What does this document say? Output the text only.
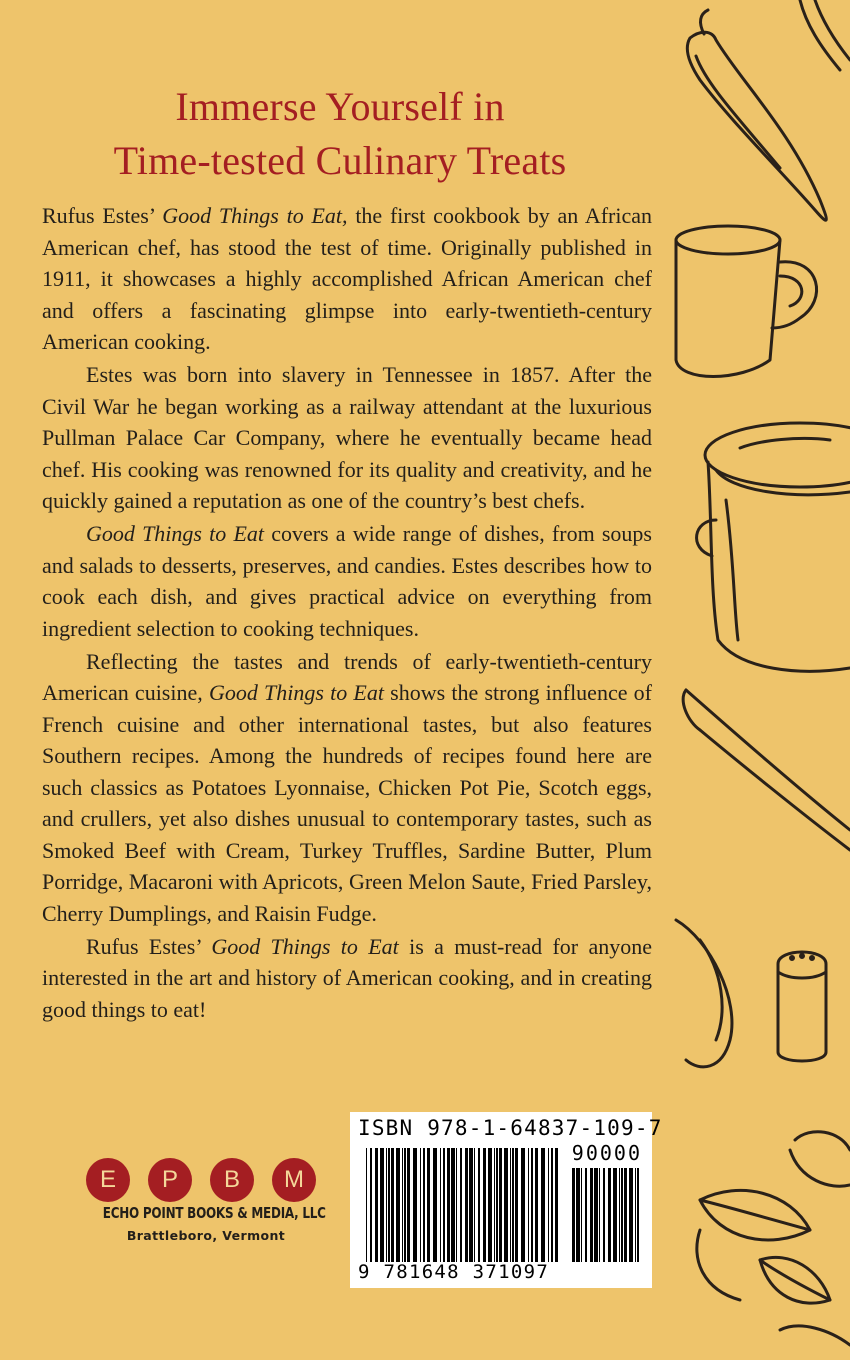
Immerse Yourself in
Time-tested Culinary Treats

Rufus Estes’ Good Things to Eat, the first cookbook by an African American chef, has stood the test of time. Originally published in 1911, it showcases a highly accomplished African American chef and offers a fascinating glimpse into early-twentieth-century American cooking.

Estes was born into slavery in Tennessee in 1857. After the Civil War he began working as a railway attendant at the luxurious Pullman Palace Car Company, where he eventually became head chef. His cooking was renowned for its quality and creativity, and he quickly gained a reputation as one of the country’s best chefs.

Good Things to Eat covers a wide range of dishes, from soups and salads to desserts, preserves, and candies. Estes describes how to cook each dish, and gives practical advice on everything from ingredient selection to cooking techniques.

Reflecting the tastes and trends of early-twentieth-century American cuisine, Good Things to Eat shows the strong influence of French cuisine and other international tastes, but also features Southern recipes. Among the hundreds of recipes found here are such classics as Potatoes Lyonnaise, Chicken Pot Pie, Scotch eggs, and crullers, yet also dishes unusual to contemporary tastes, such as Smoked Beef with Cream, Turkey Truffles, Sardine Butter, Plum Porridge, Macaroni with Apricots, Green Melon Saute, Fried Parsley, Cherry Dumplings, and Raisin Fudge.

Rufus Estes’ Good Things to Eat is a must-read for anyone interested in the art and history of American cooking, and in creating good things to eat!

E	P	B	M
ECHO POINT BOOKS & MEDIA, LLC
Brattleboro, Vermont
ISBN 978-1-64837-109-7
90000
9 781648 371097
